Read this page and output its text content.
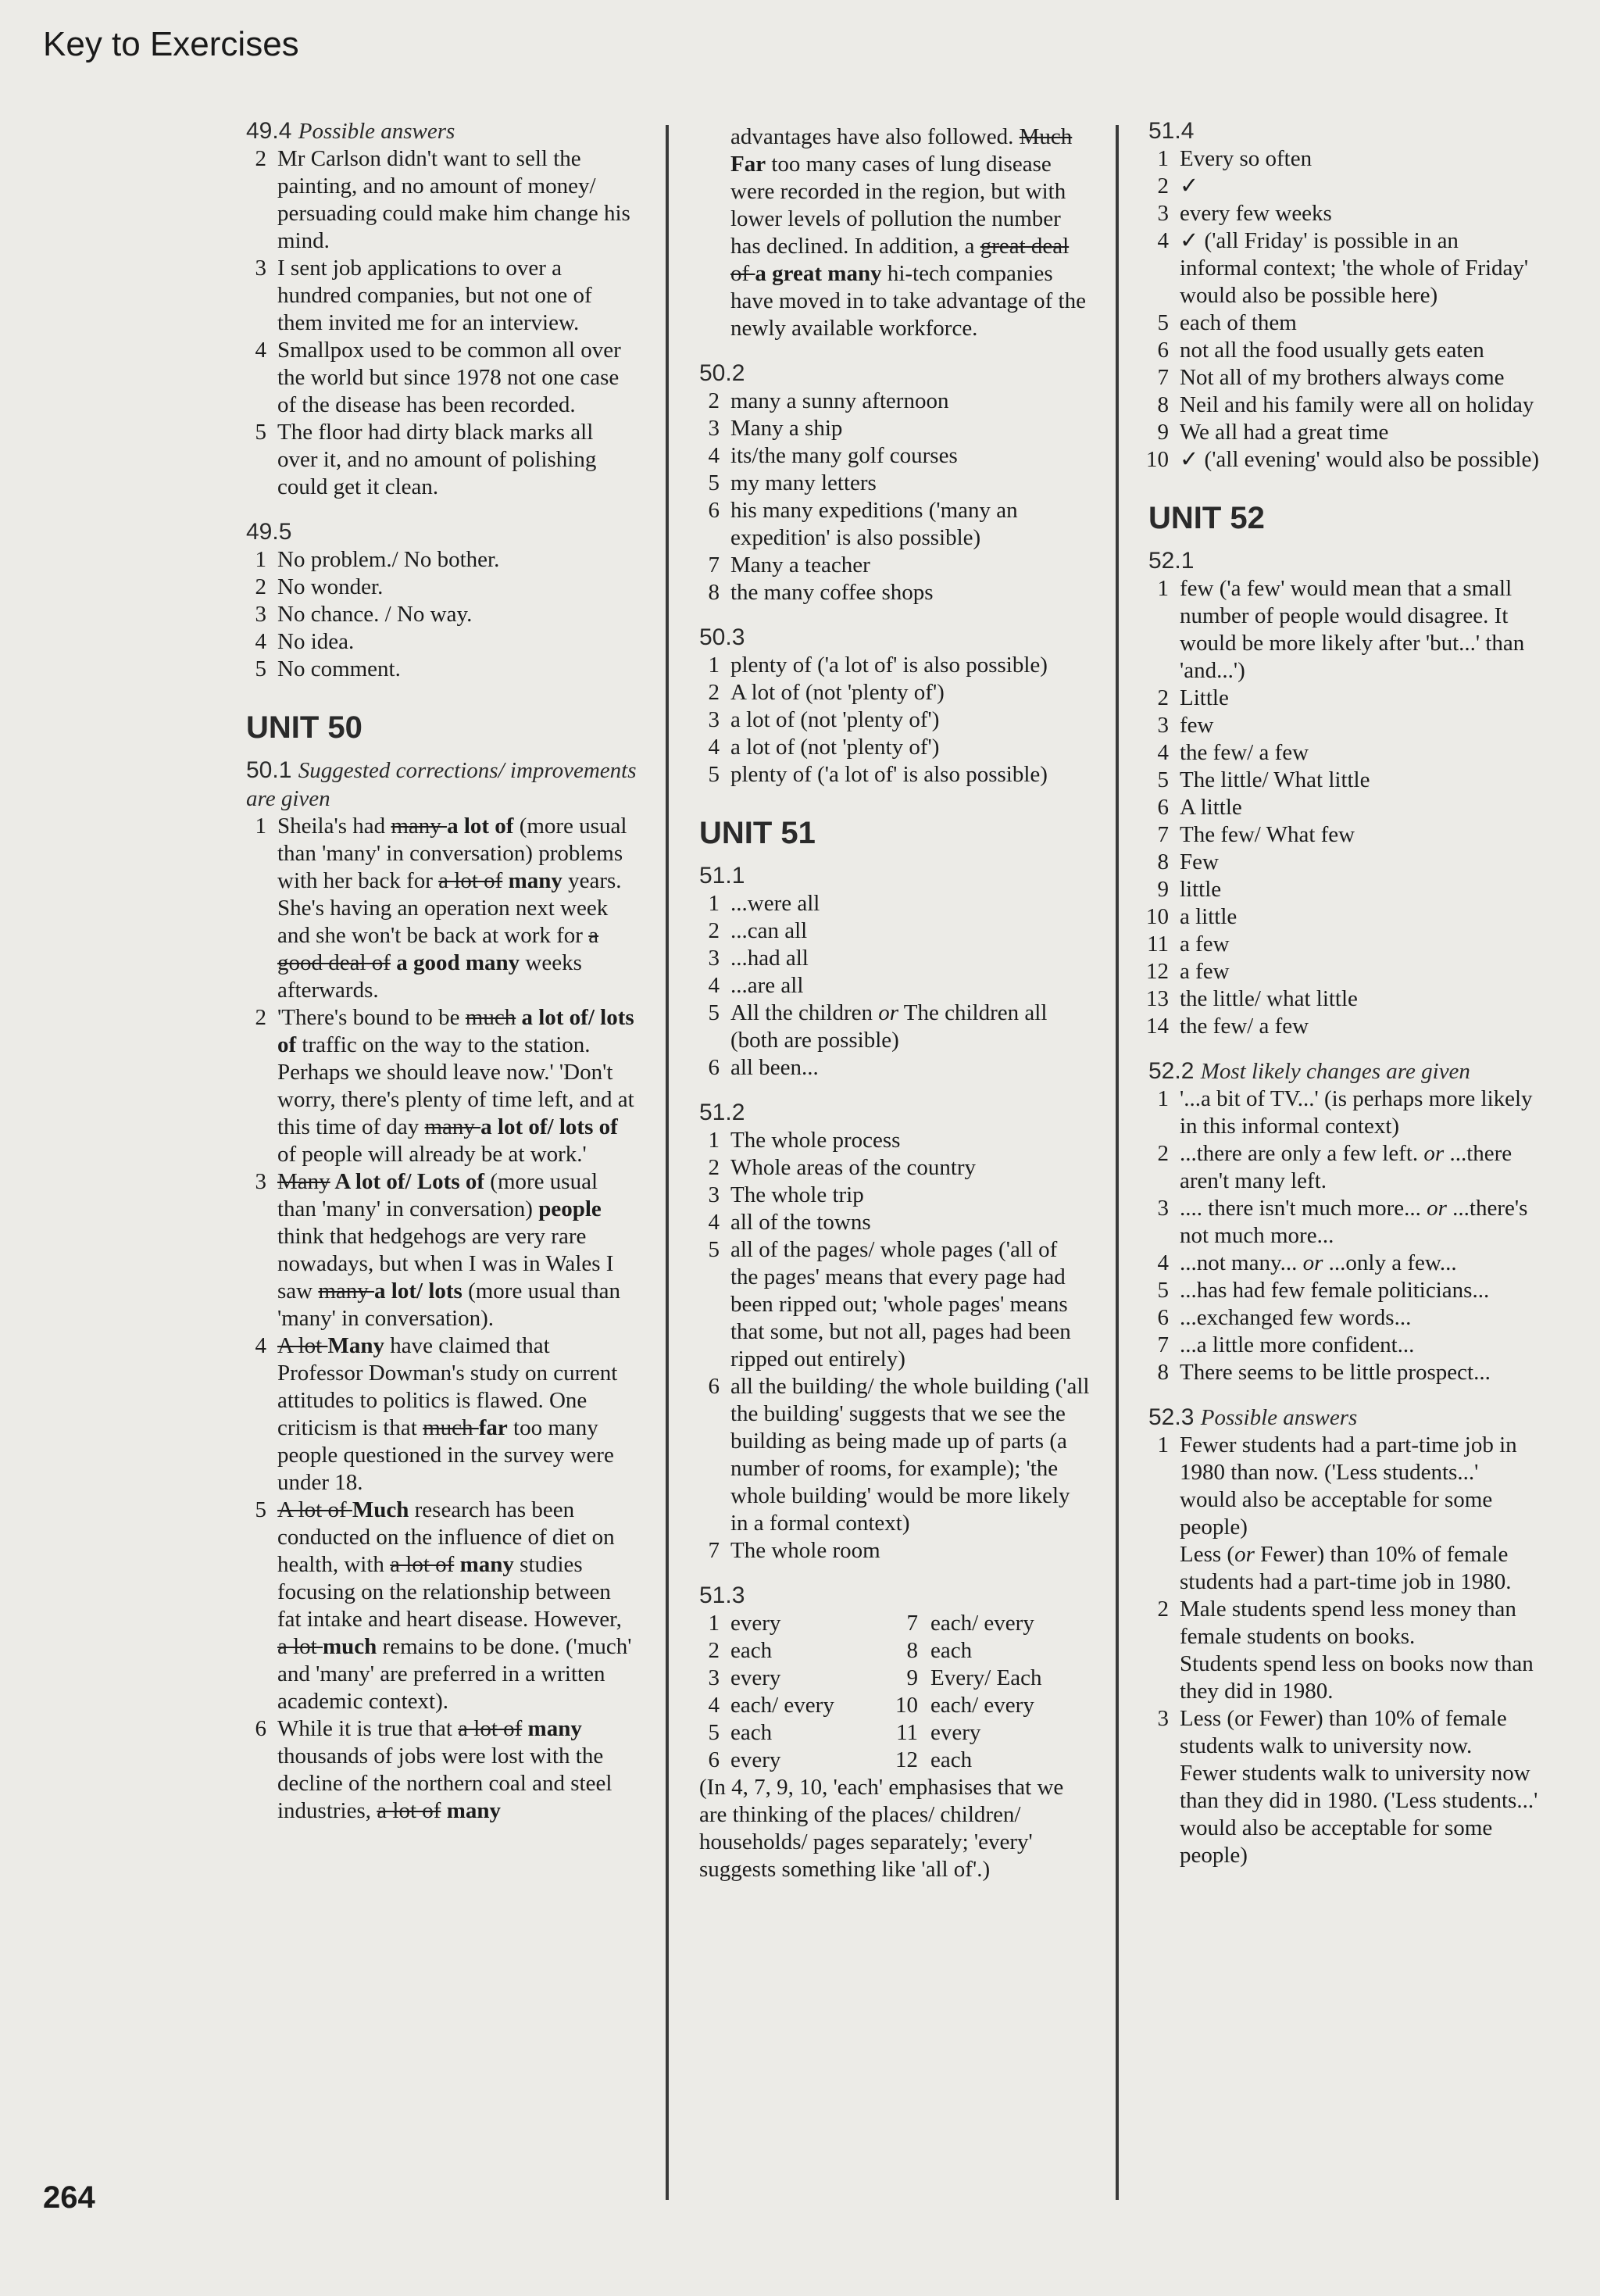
Key to Exercises
49.4 Possible answers
2 Mr Carlson didn't want to sell the painting, and no amount of money/ persuading could make him change his mind.
3 I sent job applications to over a hundred companies, but not one of them invited me for an interview.
4 Smallpox used to be common all over the world but since 1978 not one case of the disease has been recorded.
5 The floor had dirty black marks all over it, and no amount of polishing could get it clean.
49.5
1 No problem./ No bother.
2 No wonder.
3 No chance. / No way.
4 No idea.
5 No comment.
UNIT 50
50.1 Suggested corrections/ improvements are given
1 Sheila's had many a lot of (more usual than 'many' in conversation) problems with her back for a lot of many years. She's having an operation next week and she won't be back at work for a good deal of a good many weeks afterwards.
2 'There's bound to be much a lot of/ lots of traffic on the way to the station. Perhaps we should leave now.' 'Don't worry, there's plenty of time left, and at this time of day many a lot of/ lots of of people will already be at work.'
3 Many A lot of/ Lots of (more usual than 'many' in conversation) people think that hedgehogs are very rare nowadays, but when I was in Wales I saw many a lot/ lots (more usual than 'many' in conversation).
4 A lot Many have claimed that Professor Dowman's study on current attitudes to politics is flawed. One criticism is that much far too many people questioned in the survey were under 18.
5 A lot of Much research has been conducted on the influence of diet on health, with a lot of many studies focusing on the relationship between fat intake and heart disease. However, a lot much remains to be done. ('much' and 'many' are preferred in a written academic context).
6 While it is true that a lot of many thousands of jobs were lost with the decline of the northern coal and steel industries, a lot of many
advantages have also followed. Much Far too many cases of lung disease were recorded in the region, but with lower levels of pollution the number has declined. In addition, a great deal of a great many hi-tech companies have moved in to take advantage of the newly available workforce.
50.2
2 many a sunny afternoon
3 Many a ship
4 its/the many golf courses
5 my many letters
6 his many expeditions ('many an expedition' is also possible)
7 Many a teacher
8 the many coffee shops
50.3
1 plenty of ('a lot of' is also possible)
2 A lot of (not 'plenty of')
3 a lot of (not 'plenty of')
4 a lot of (not 'plenty of')
5 plenty of ('a lot of' is also possible)
UNIT 51
51.1
1 ...were all
2 ...can all
3 ...had all
4 ...are all
5 All the children or The children all (both are possible)
6 all been...
51.2
1 The whole process
2 Whole areas of the country
3 The whole trip
4 all of the towns
5 all of the pages/ whole pages ('all of the pages' means that every page had been ripped out; 'whole pages' means that some, but not all, pages had been ripped out entirely)
6 all the building/ the whole building ('all the building' suggests that we see the building as being made up of parts (a number of rooms, for example); 'the whole building' would be more likely in a formal context)
7 The whole room
51.3
1 every	7 each/ every
2 each	8 each
3 every	9 Every/ Each
4 each/ every	10 each/ every
5 each	11 every
6 every	12 each
(In 4, 7, 9, 10, 'each' emphasises that we are thinking of the places/ children/ households/ pages separately; 'every' suggests something like 'all of'.)
51.4
1 Every so often
2 ✓
3 every few weeks
4 ✓ ('all Friday' is possible in an informal context; 'the whole of Friday' would also be possible here)
5 each of them
6 not all the food usually gets eaten
7 Not all of my brothers always come
8 Neil and his family were all on holiday
9 We all had a great time
10 ✓ ('all evening' would also be possible)
UNIT 52
52.1
1 few ('a few' would mean that a small number of people would disagree. It would be more likely after 'but...' than 'and...')
2 Little
3 few
4 the few/ a few
5 The little/ What little
6 A little
7 The few/ What few
8 Few
9 little
10 a little
11 a few
12 a few
13 the little/ what little
14 the few/ a few
52.2 Most likely changes are given
1 '...a bit of TV...' (is perhaps more likely in this informal context)
2 ...there are only a few left. or ...there aren't many left.
3 .... there isn't much more... or ...there's not much more...
4 ...not many... or ...only a few...
5 ...has had few female politicians...
6 ...exchanged few words...
7 ...a little more confident...
8 There seems to be little prospect...
52.3 Possible answers
1 Fewer students had a part-time job in 1980 than now. ('Less students...' would also be acceptable for some people)
Less (or Fewer) than 10% of female students had a part-time job in 1980.
2 Male students spend less money than female students on books.
Students spend less on books now than they did in 1980.
3 Less (or Fewer) than 10% of female students walk to university now.
Fewer students walk to university now than they did in 1980. ('Less students...' would also be acceptable for some people)
264
